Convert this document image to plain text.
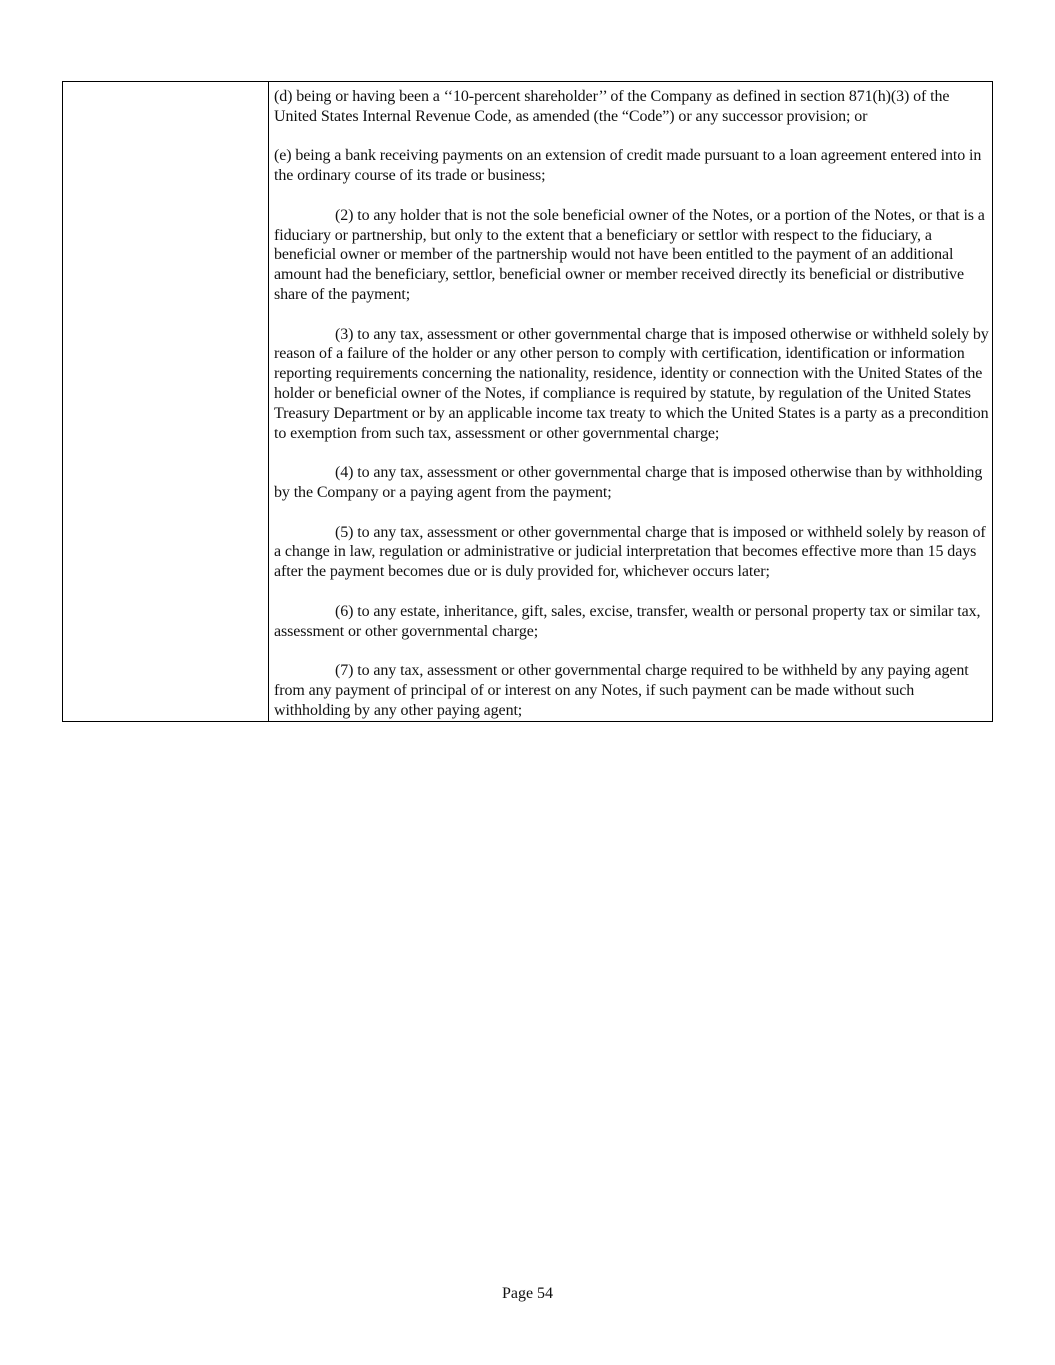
(d) being or having been a ‘‘10-percent shareholder’’ of the Company as defined in section 871(h)(3) of the United States Internal Revenue Code, as amended (the “Code”) or any successor provision; or

(e) being a bank receiving payments on an extension of credit made pursuant to a loan agreement entered into in the ordinary course of its trade or business;

(2) to any holder that is not the sole beneficial owner of the Notes, or a portion of the Notes, or that is a fiduciary or partnership, but only to the extent that a beneficiary or settlor with respect to the fiduciary, a beneficial owner or member of the partnership would not have been entitled to the payment of an additional amount had the beneficiary, settlor, beneficial owner or member received directly its beneficial or distributive share of the payment;

(3) to any tax, assessment or other governmental charge that is imposed otherwise or withheld solely by reason of a failure of the holder or any other person to comply with certification, identification or information reporting requirements concerning the nationality, residence, identity or connection with the United States of the holder or beneficial owner of the Notes, if compliance is required by statute, by regulation of the United States Treasury Department or by an applicable income tax treaty to which the United States is a party as a precondition to exemption from such tax, assessment or other governmental charge;

(4) to any tax, assessment or other governmental charge that is imposed otherwise than by withholding by the Company or a paying agent from the payment;

(5) to any tax, assessment or other governmental charge that is imposed or withheld solely by reason of a change in law, regulation or administrative or judicial interpretation that becomes effective more than 15 days after the payment becomes due or is duly provided for, whichever occurs later;

(6) to any estate, inheritance, gift, sales, excise, transfer, wealth or personal property tax or similar tax, assessment or other governmental charge;

(7) to any tax, assessment or other governmental charge required to be withheld by any paying agent from any payment of principal of or interest on any Notes, if such payment can be made without such withholding by any other paying agent;

Page 54
